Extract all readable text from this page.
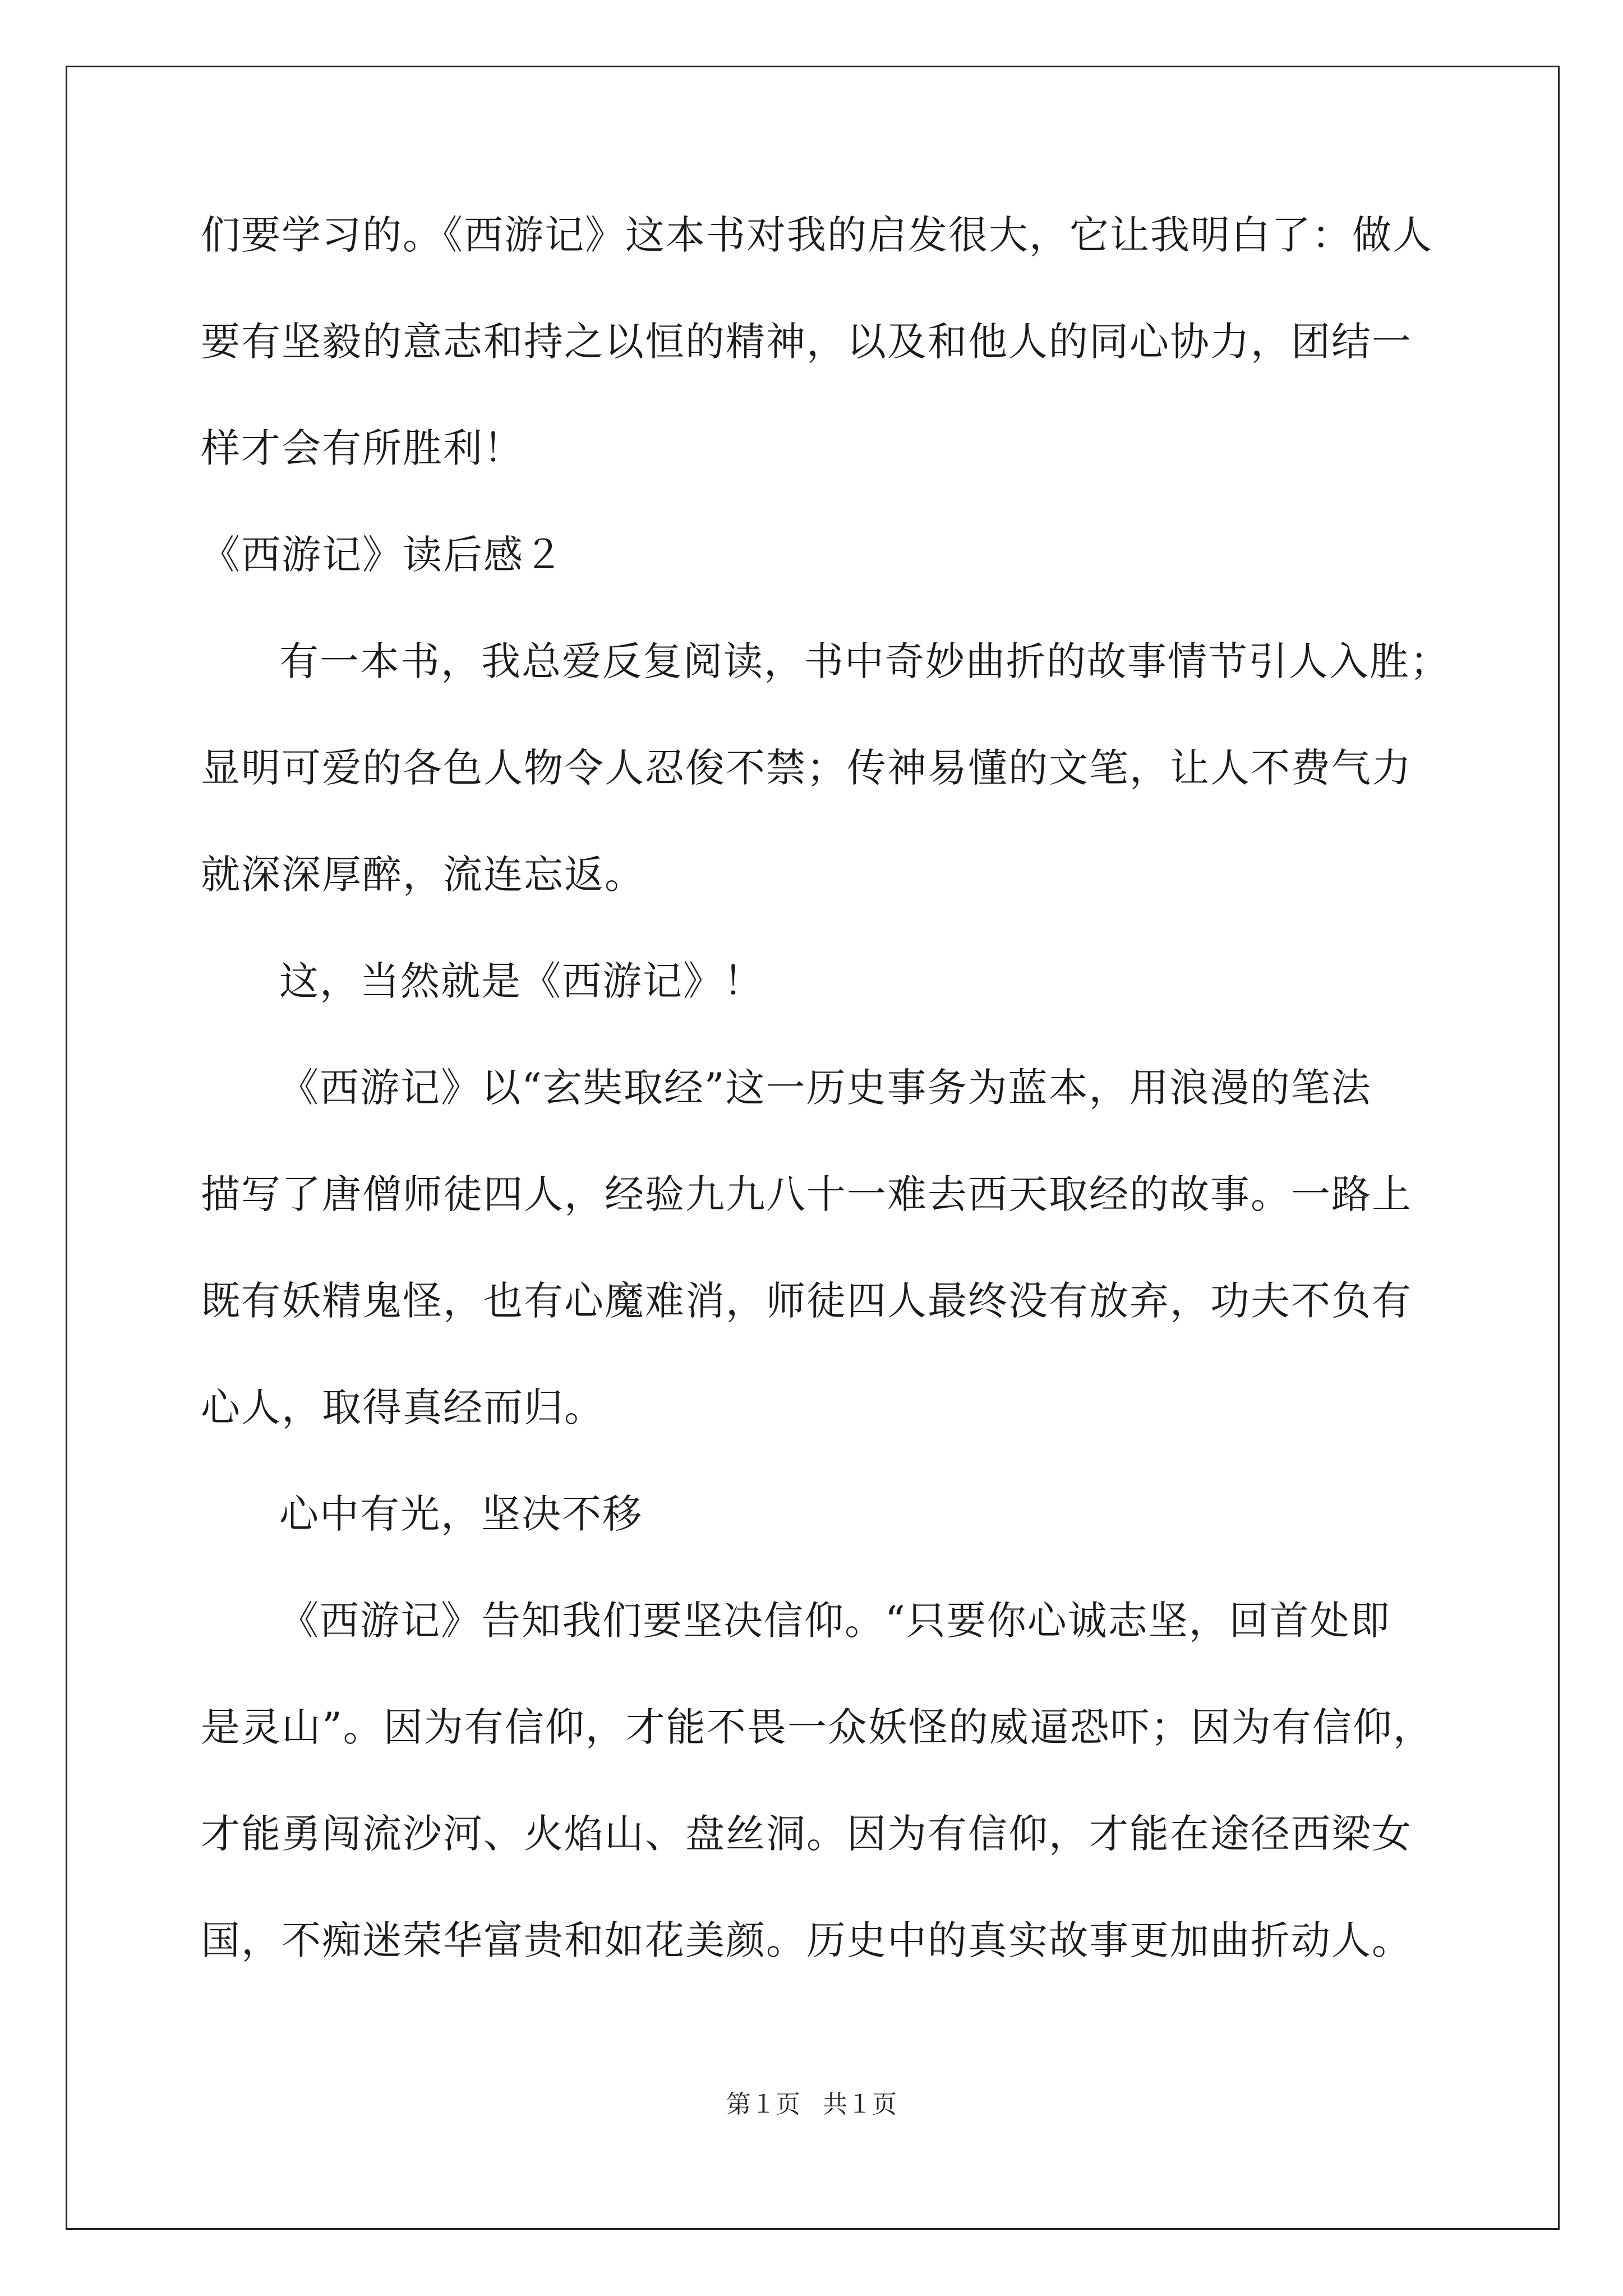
们要学习的。《西游记》这本书对我的启发很大，它让我明白了：做人
要有坚毅的意志和持之以恒的精神，以及和他人的同心协力，团结一
样才会有所胜利！
《西游记》读后感２
有一本书，我总爱反复阅读，书中奇妙曲折的故事情节引人入胜；
显明可爱的各色人物令人忍俊不禁；传神易懂的文笔，让人不费气力
就深深厚醉，流连忘返。
这，当然就是《西游记》！
《西游记》以“玄奘取经”这一历史事务为蓝本，用浪漫的笔法
描写了唐僧师徒四人，经验九九八十一难去西天取经的故事。一路上
既有妖精鬼怪，也有心魔难消，师徒四人最终没有放弃，功夫不负有
心人，取得真经而归。
心中有光，坚决不移
《西游记》告知我们要坚决信仰。“只要你心诚志坚，回首处即
是灵山”。因为有信仰，才能不畏一众妖怪的威逼恐吓；因为有信仰，
才能勇闯流沙河、火焰山、盘丝洞。因为有信仰，才能在途径西梁女
国，不痴迷荣华富贵和如花美颜。历史中的真实故事更加曲折动人。
第１页 共１页
